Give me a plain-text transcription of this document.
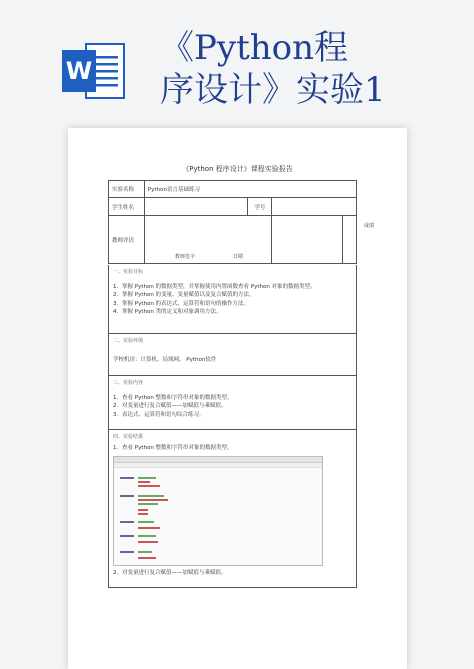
W
《Python程
序设计》实验1
《Python 程序设计》课程实验报告
实验名称	Python语言基础练习		
学生姓名		学号	
教师评语	教师签字 日期		成绩
一、实验目标
1．掌握 Python 的数据类型，并掌握使用内置函数查看 Python 对象的数据类型。
2．掌握 Python 的变量、变量赋值以及复合赋值的方法。
3．掌握 Python 的表达式、运算符和语句的操作方法。
4．掌握 Python 类的定义和对象调用方法。
二、实验环境
学校机房：计算机、局域网、 Python软件
三、实验内容
1．查看 Python 整数和字符串对象的数据类型。
2．对变量进行复合赋值——加赋值与乘赋值。
3．表达式、运算符和语句综合练习。
四、实验结果
1．查看 Python 整数和字符串对象的数据类型。
2．对变量进行复合赋值——加赋值与乘赋值。
